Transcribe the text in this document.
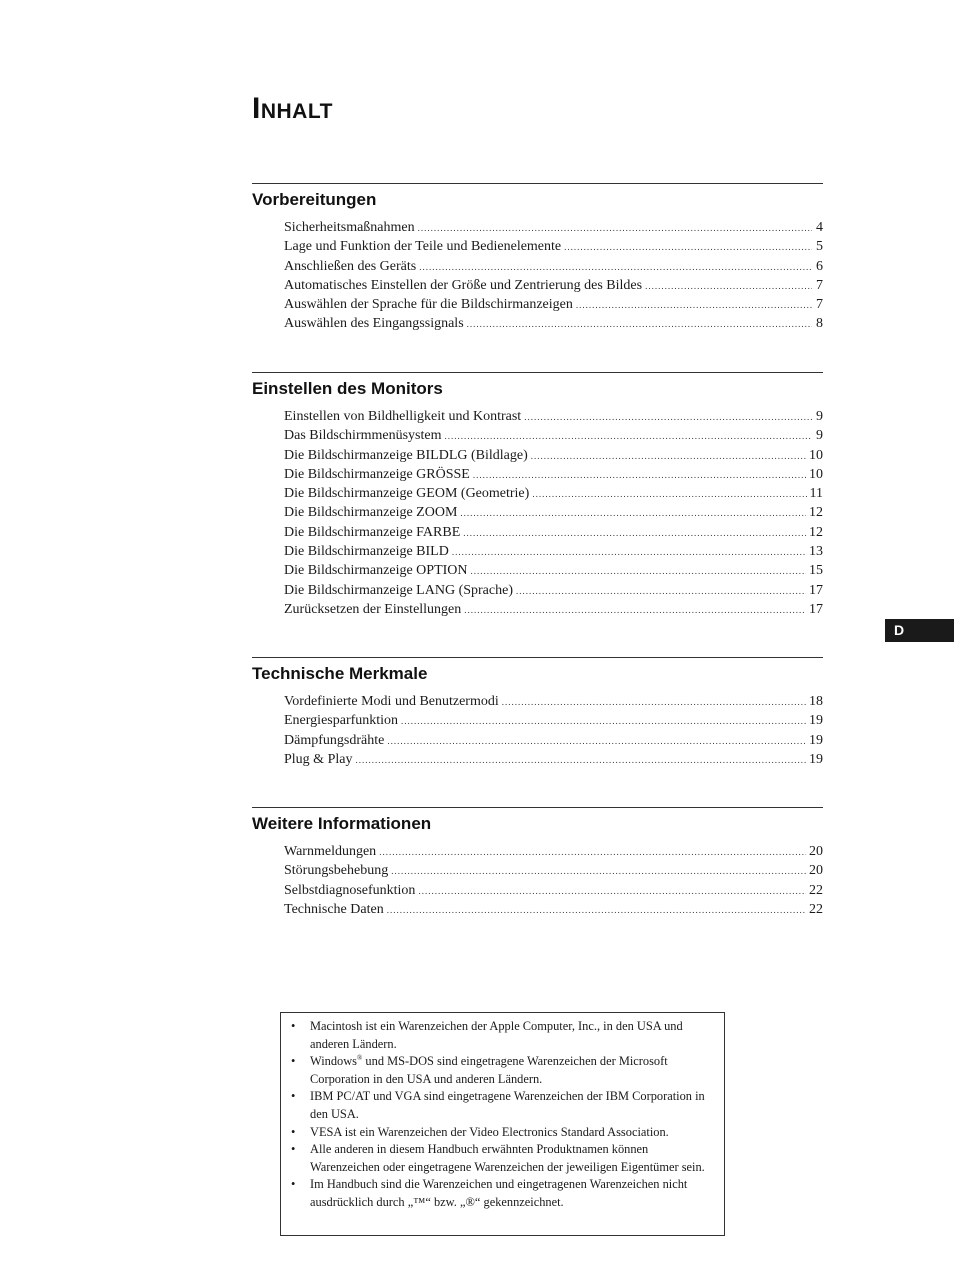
Inhalt
Vorbereitungen
Sicherheitsmaßnahmen .....	4
Lage und Funktion der Teile und Bedienelemente .....	5
Anschließen des Geräts .....	6
Automatisches Einstellen der Größe und Zentrierung des Bildes .....	7
Auswählen der Sprache für die Bildschirmanzeigen .....	7
Auswählen des Eingangssignals .....	8
Einstellen des Monitors
Einstellen von Bildhelligkeit und Kontrast .....	9
Das Bildschirmmenüsystem .....	9
Die Bildschirmanzeige BILDLG (Bildlage) .....	10
Die Bildschirmanzeige GRÖSSE .....	10
Die Bildschirmanzeige GEOM (Geometrie) .....	11
Die Bildschirmanzeige ZOOM .....	12
Die Bildschirmanzeige FARBE .....	12
Die Bildschirmanzeige BILD .....	13
Die Bildschirmanzeige OPTION .....	15
Die Bildschirmanzeige LANG (Sprache) .....	17
Zurücksetzen der Einstellungen .....	17
Technische Merkmale
Vordefinierte Modi und Benutzermodi .....	18
Energiesparfunktion .....	19
Dämpfungsdrähte .....	19
Plug & Play .....	19
Weitere Informationen
Warnmeldungen .....	20
Störungsbehebung .....	20
Selbstdiagnosefunktion .....	22
Technische Daten .....	22
D
•	Macintosh ist ein Warenzeichen der Apple Computer, Inc., in den USA und anderen Ländern.
•	Windows® und MS-DOS sind eingetragene Warenzeichen der Microsoft Corporation in den USA und anderen Ländern.
•	IBM PC/AT und VGA sind eingetragene Warenzeichen der IBM Corporation in den USA.
•	VESA ist ein Warenzeichen der Video Electronics Standard Association.
•	Alle anderen in diesem Handbuch erwähnten Produktnamen können Warenzeichen oder eingetragene Warenzeichen der jeweiligen Eigentümer sein.
•	Im Handbuch sind die Warenzeichen und eingetragenen Warenzeichen nicht ausdrücklich durch „™“ bzw. „®“ gekennzeichnet.
